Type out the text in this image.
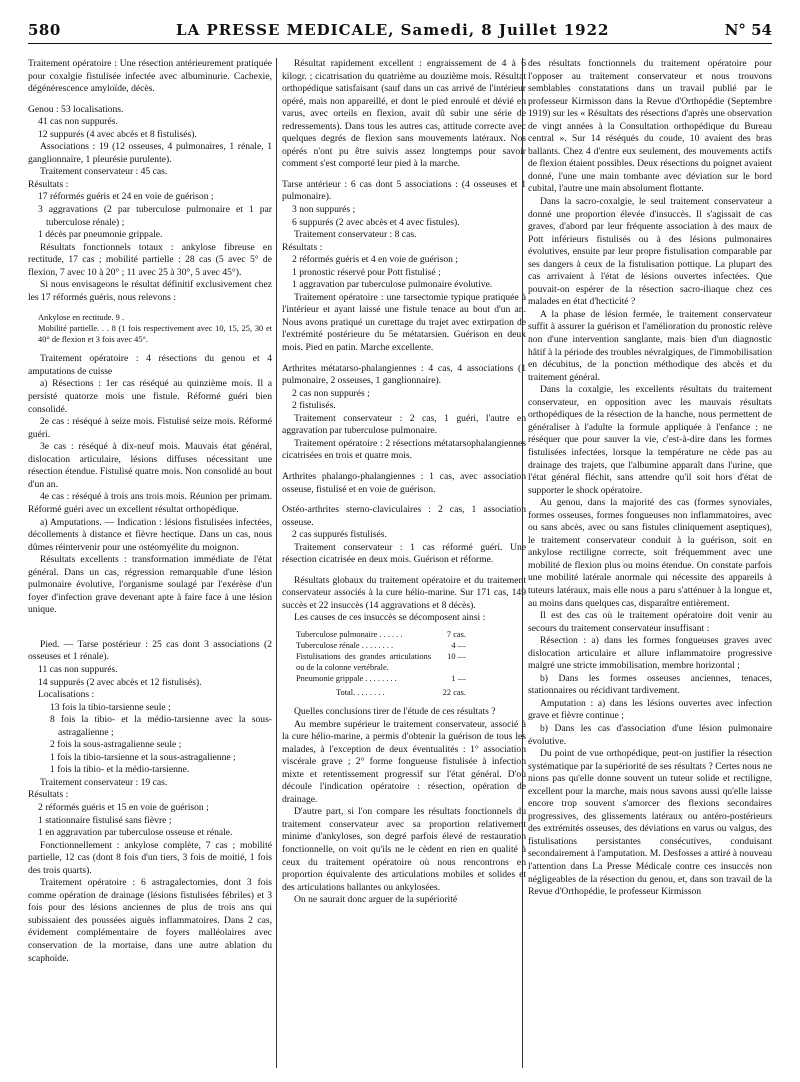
580	LA PRESSE MEDICALE, Samedi, 8 Juillet 1922	N° 54

Traitement opératoire : Une résection antérieurement pratiquée pour coxalgie fistulisée infectée avec albuminurie. Cachexie, dégénérescence amyloïde, décès.

Genou : 53 localisations.

41 cas non suppurés.

12 suppurés (4 avec abcès et 8 fistulisés).

Associations : 19 (12 osseuses, 4 pulmonaires, 1 rénale, 1 ganglionnaire, 1 pleurésie purulente).

Traitement conservateur : 45 cas.

Résultats :

17 réformés guéris et 24 en voie de guérison ;

3 aggravations (2 par tuberculose pulmonaire et 1 par tuberculose rénale) ;

1 décès par pneumonie grippale.

Résultats fonctionnels totaux : ankylose fibreuse en rectitude, 17 cas ; mobilité partielle : 28 cas (5 avec 5° de flexion, 7 avec 10 à 20° ; 11 avec 25 à 30°, 5 avec 45°).

Si nous envisageons le résultat définitif exclusivement chez les 17 réformés guéris, nous relevons :

Ankylose en rectitude. 9 .

Mobilité partielle. . . 8 (1 fois respectivement avec 10, 15, 25, 30 et 40° de flexion et 3 fois avec 45°.

Traitement opératoire : 4 résections du genou et 4 amputations de cuisse

a) Résections : 1er cas réséqué au quinzième mois. Il a persisté quatorze mois une fistule. Réformé guéri bien consolidé.

2e cas : réséqué à seize mois. Fistulisé seize mois. Réformé guéri.

3e cas : réséqué à dix-neuf mois. Mauvais état général, dislocation articulaire, lésions diffuses nécessitant une résection étendue. Fistulisé quatre mois. Non consolidé au bout d'un an.

4e cas : réséqué à trois ans trois mois. Réunion per primam. Réformé guéri avec un excellent résultat orthopédique.

a) Amputations. — Indication : lésions fistulisées infectées, décollements à distance et fièvre hectique. Dans un cas, nous dûmes réintervenir pour une ostéomyélite du moignon.

Résultats excellents : transformation immédiate de l'état général. Dans un cas, régression remarquable d'une lésion pulmonaire évolutive, l'organisme soulagé par l'exérèse d'un foyer d'infection grave devenant apte à faire face à une lésion unique.

Pied. — Tarse postérieur : 25 cas dont 3 associations (2 osseuses et 1 rénale).

11 cas non suppurés.

14 suppurés (2 avec abcès et 12 fistulisés).

Localisations :

13 fois la tibio-tarsienne seule ;

8 fois la tibio- et la médio-tarsienne avec la sous-astragalienne ;

2 fois la sous-astragalienne seule ;

1 fois la tibio-tarsienne et la sous-astragalienne ;

1 fois la tibio- et la médio-tarsienne.

Traitement conservateur : 19 cas.

Résultats :

2 réformés guéris et 15 en voie de guérison ;

1 stationnaire fistulisé sans fièvre ;

1 en aggravation par tuberculose osseuse et rénale.

Fonctionnellement : ankylose complète, 7 cas ; mobilité partielle, 12 cas (dont 8 fois d'un tiers, 3 fois de moitié, 1 fois des trois quarts).

Traitement opératoire : 6 astragalectomies, dont 3 fois comme opération de drainage (lésions fistulisées fébriles) et 3 fois pour des lésions anciennes de plus de trois ans qui subissaient des poussées aiguës inflammatoires. Dans 2 cas, évidement complémentaire de foyers malléolaires avec conservation de la mortaise, dans une autre ablation du scaphoïde.

Résultat rapidement excellent : engraissement de 4 à 6 kilogr. ; cicatrisation du quatrième au douzième mois. Résultat orthopédique satisfaisant (sauf dans un cas arrivé de l'intérieur opéré, mais non appareillé, et dont le pied enroulé et dévié en varus, avec orteils en flexion, avait dû subir une série de redressements). Dans tous les autres cas, attitude correcte avec quelques degrés de flexion sans mouvements latéraux. Nos opérés n'ont pu être suivis assez longtemps pour savoir comment s'est comporté leur pied à la marche.

Tarse antérieur : 6 cas dont 5 associations : (4 osseuses et 1 pulmonaire).

3 non suppurés ;

6 suppurés (2 avec abcès et 4 avec fistules).

Traitement conservateur : 8 cas.

Résultats :

2 réformés guéris et 4 en voie de guérison ;

1 pronostic réservé pour Pott fistulisé ;

1 aggravation par tuberculose pulmonaire évolutive.

Traitement opératoire : une tarsectomie typique pratiquée à l'intérieur et ayant laissé une fistule tenace au bout d'un an. Nous avons pratiqué un curettage du trajet avec extirpation de l'extrémité postérieure du 5e métatarsien. Guérison en deux mois. Pied en patin. Marche excellente.

Arthrites métatarso-phalangiennes : 4 cas, 4 associations (1 pulmonaire, 2 osseuses, 1 ganglionnaire).

2 cas non suppurés ;

2 fistulisés.

Traitement conservateur : 2 cas, 1 guéri, l'autre en aggravation par tuberculose pulmonaire.

Traitement opératoire : 2 résections métatarsophalangiennes cicatrisées en trois et quatre mois.

Arthrites phalango-phalangiennes : 1 cas, avec association osseuse, fistulisé et en voie de guérison.

Ostéo-arthrites sterno-claviculaires : 2 cas, 1 association osseuse.

2 cas suppurés fistulisés.

Traitement conservateur : 1 cas réformé guéri. Une résection cicatrisée en deux mois. Guérison et réforme.

Résultats globaux du traitement opératoire et du traitement conservateur associés à la cure hélio-marine. Sur 171 cas, 149 succès et 22 insuccès (14 aggravations et 8 décès).

Les causes de ces insuccès se décomposent ainsi :

Tuberculose pulmonaire . . . . . .	7 cas.
Tuberculose rénale . . . . . . . .	4 —
Fistulisations des grandes articulations ou de la colonne vertébrale.
10 —
Pneumonie grippale . . . . . . . .	1 —
Total. . . . . . . .	22 cas.

Quelles conclusions tirer de l'étude de ces résultats ?

Au membre supérieur le traitement conservateur, associé à la cure hélio-marine, a permis d'obtenir la guérison de tous les malades, à l'exception de deux éventualités : 1° association viscérale grave ; 2° forme fongueuse fistulisée à infection mixte et retentissement progressif sur l'état général. D'où découle l'indication opératoire : résection, opération de drainage.

D'autre part, si l'on compare les résultats fonctionnels du traitement conservateur avec sa proportion relativement minime d'ankyloses, son degré parfois élevé de restauration fonctionnelle, on voit qu'ils ne le cèdent en rien en qualité à ceux du traitement opératoire où nous rencontrons en proportion équivalente des articulations mobiles et solides et des articulations ballantes ou ankylosées.

On ne saurait donc arguer de la supériorité

des résultats fonctionnels du traitement opératoire pour l'opposer au traitement conservateur et nous trouvons semblables constatations dans un travail publié par le professeur Kirmisson dans la Revue d'Orthopédie (Septembre 1919) sur les « Résultats des résections d'après une observation de vingt années à la Consultation orthopédique du Bureau central ». Sur 14 réséqués du coude, 10 avaient des bras ballants. Chez 4 d'entre eux seulement, des mouvements actifs de flexion étaient possibles. Deux résections du poignet avaient donné, l'une une main tombante avec déviation sur le bord cubital, l'autre une main absolument flottante.

Dans la sacro-coxalgie, le seul traitement conservateur a donné une proportion élevée d'insuccès. Il s'agissait de cas graves, d'abord par leur fréquente association à des maux de Pott inférieurs fistulisés ou à des lésions pulmonaires évolutives, ensuite par leur propre fistulisation comparable par ses dangers à ceux de la fistulisation pottique. La plupart des cas arrivaient à l'état de lésions ouvertes infectées. Que pouvait-on espérer de la résection sacro-iliaque chez ces malades en état d'hecticité ?

A la phase de lésion fermée, le traitement conservateur suffit à assurer la guérison et l'amélioration du pronostic relève non d'une intervention sanglante, mais bien d'un diagnostic hâtif à la période des troubles névralgiques, de l'immobilisation en décubitus, de la ponction méthodique des abcès et du traitement général.

Dans la coxalgie, les excellents résultats du traitement conservateur, en opposition avec les mauvais résultats orthopédiques de la résection de la hanche, nous permettent de généraliser à l'adulte la formule appliquée à l'enfance : ne réséquer que pour sauver la vie, c'est-à-dire dans les formes fistulisées infectées, lorsque la température ne cède pas au drainage des trajets, que l'albumine apparaît dans l'urine, que l'état général fléchit, sans attendre qu'il soit hors d'état de supporter le shock opératoire.

Au genou, dans la majorité des cas (formes synoviales, formes osseuses, formes fongueuses non inflammatoires, avec ou sans abcès, avec ou sans fistules cliniquement aseptiques), le traitement conservateur conduit à la guérison, soit en ankylose rectiligne correcte, soit fréquemment avec une mobilité de flexion plus ou moins étendue. On constate parfois une mobilité latérale anormale qui nécessite des appareils à tuteurs latéraux, mais elle nous a paru s'atténuer à la longue et, au moins dans quelques cas, disparaître entièrement.

Il est des cas où le traitement opératoire doit venir au secours du traitement conservateur insuffisant :

Résection : a) dans les formes fongueuses graves avec dislocation articulaire et allure inflammatoire progressive malgré une stricte immobilisation, membre horizontal ;

b) Dans les formes osseuses anciennes, tenaces, stationnaires ou récidivant tardivement.

Amputation : a) dans les lésions ouvertes avec infection grave et fièvre continue ;

b) Dans les cas d'association d'une lésion pulmonaire évolutive.

Du point de vue orthopédique, peut-on justifier la résection systématique par la supériorité de ses résultats ? Certes nous ne nions pas qu'elle donne souvent un tuteur solide et rectiligne, excellent pour la marche, mais nous savons aussi qu'elle laisse encore trop souvent s'amorcer des flexions secondaires progressives, des glissements latéraux ou antéro-postérieurs des extrémités osseuses, des déviations en varus ou valgus, des fistulisations persistantes consécutives, conduisant secondairement à l'amputation. M. Desfosses a attiré à nouveau l'attention dans La Presse Médicale contre ces insuccès non négligeables de la résection du genou, et, dans son travail de la Revue d'Orthopédie, le professeur Kirmisson
